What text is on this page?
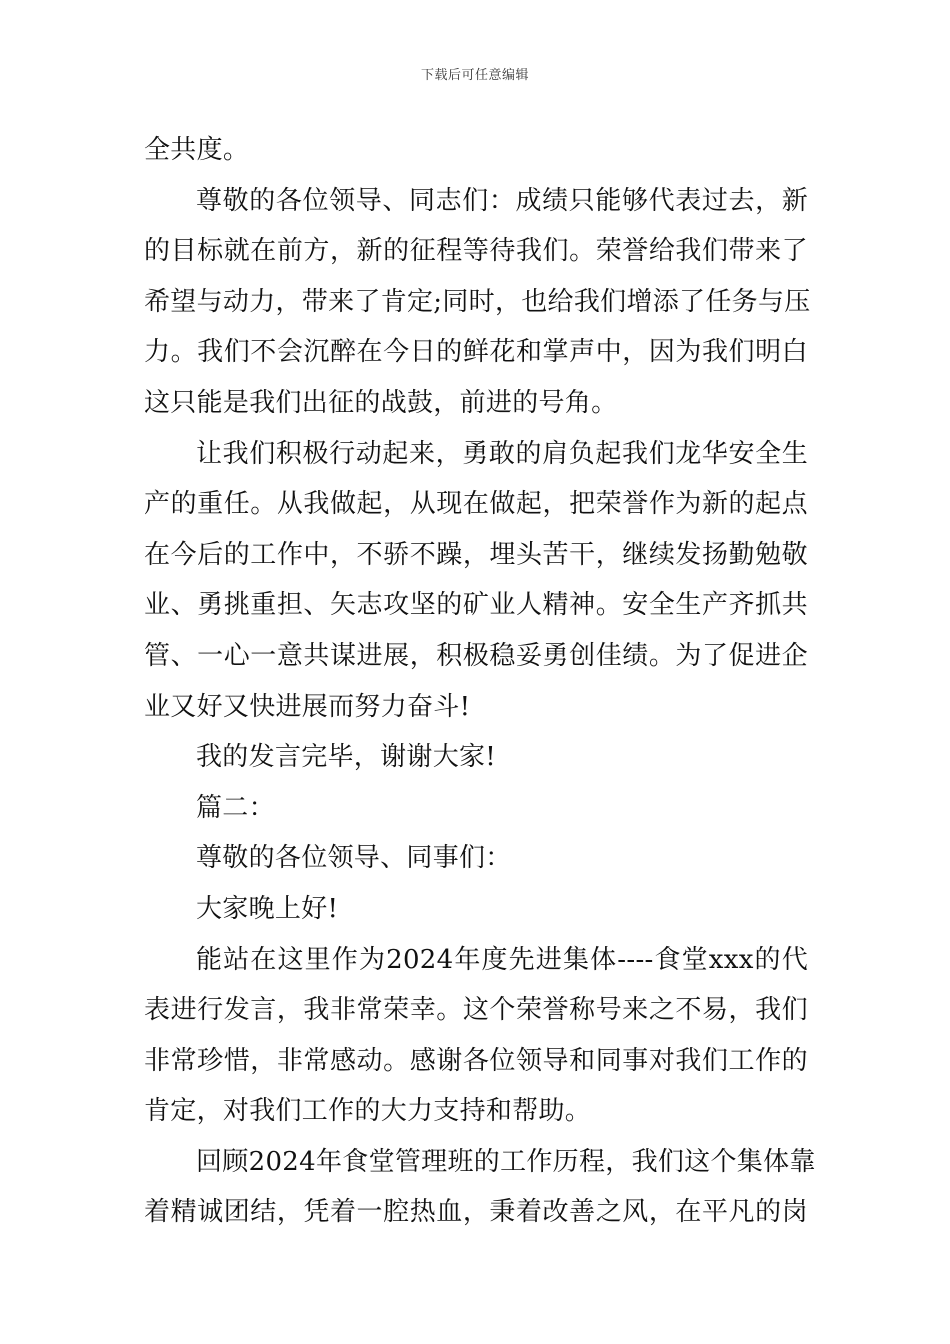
下载后可任意编辑
全共度。
尊敬的各位领导、同志们：成绩只能够代表过去，新
的目标就在前方，新的征程等待我们。荣誉给我们带来了
希望与动力，带来了肯定;同时，也给我们增添了任务与压
力。我们不会沉醉在今日的鲜花和掌声中，因为我们明白
这只能是我们出征的战鼓，前进的号角。
让我们积极行动起来，勇敢的肩负起我们龙华安全生
产的重任。从我做起，从现在做起，把荣誉作为新的起点
在今后的工作中，不骄不躁，埋头苦干，继续发扬勤勉敬
业、勇挑重担、矢志攻坚的矿业人精神。安全生产齐抓共
管、一心一意共谋进展，积极稳妥勇创佳绩。为了促进企
业又好又快进展而努力奋斗!
我的发言完毕，谢谢大家!
篇二：
尊敬的各位领导、同事们：
大家晚上好!
能站在这里作为2024年度先进集体----食堂xxx的代
表进行发言，我非常荣幸。这个荣誉称号来之不易，我们
非常珍惜，非常感动。感谢各位领导和同事对我们工作的
肯定，对我们工作的大力支持和帮助。
回顾2024年食堂管理班的工作历程，我们这个集体靠
着精诚团结，凭着一腔热血，秉着改善之风，在平凡的岗
